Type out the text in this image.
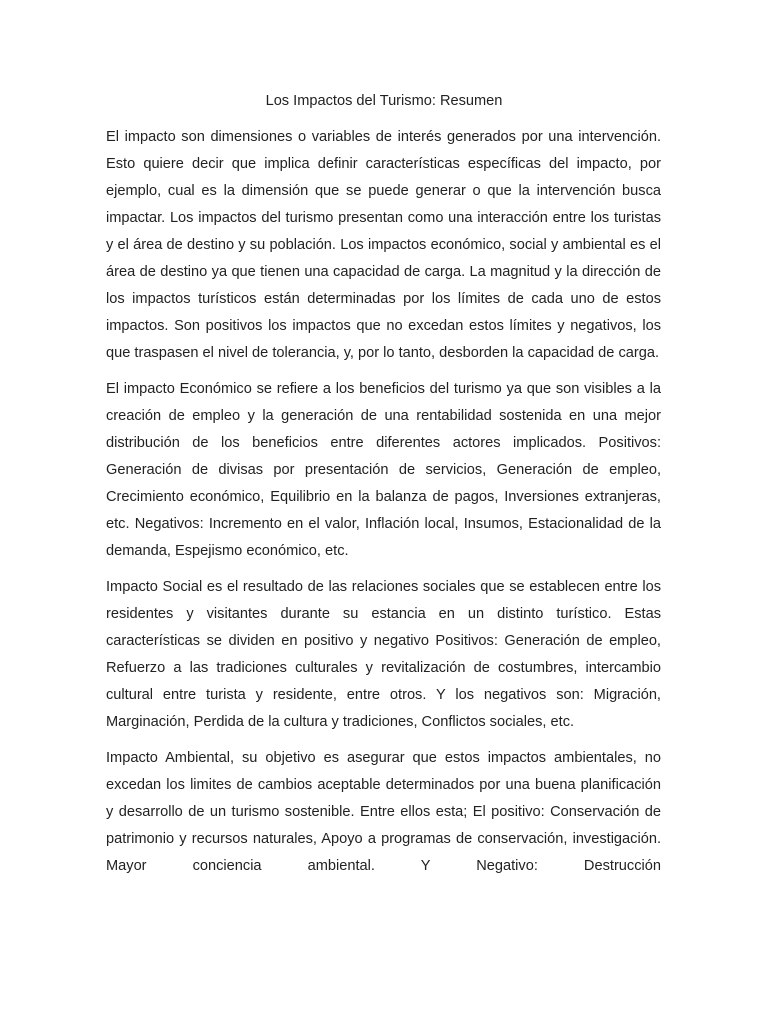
Los Impactos del Turismo: Resumen

El impacto son dimensiones o variables de interés generados por una intervención. Esto quiere decir que implica definir características específicas del impacto, por ejemplo, cual es la dimensión que se puede generar o que la intervención busca impactar. Los impactos del turismo presentan como una interacción entre los turistas y el área de destino y su población. Los impactos económico, social y ambiental es el área de destino ya que tienen una capacidad de carga. La magnitud y la dirección de los impactos turísticos están determinadas por los límites de cada uno de estos impactos. Son positivos los impactos que no excedan estos límites y negativos, los que traspasen el nivel de tolerancia, y, por lo tanto, desborden la capacidad de carga.

El impacto Económico se refiere a los beneficios del turismo ya que son visibles a la creación de empleo y la generación de una rentabilidad sostenida en una mejor distribución de los beneficios entre diferentes actores implicados. Positivos: Generación de divisas por presentación de servicios, Generación de empleo, Crecimiento económico, Equilibrio en la balanza de pagos, Inversiones extranjeras, etc. Negativos: Incremento en el valor, Inflación local, Insumos, Estacionalidad de la demanda, Espejismo económico, etc.

Impacto Social es el resultado de las relaciones sociales que se establecen entre los residentes y visitantes durante su estancia en un distinto turístico. Estas características se dividen en positivo y negativo Positivos: Generación de empleo, Refuerzo a las tradiciones culturales y revitalización de costumbres, intercambio cultural entre turista y residente, entre otros. Y los negativos son: Migración, Marginación, Perdida de la cultura y tradiciones, Conflictos sociales, etc.

Impacto Ambiental, su objetivo es asegurar que estos impactos ambientales, no excedan los limites de cambios aceptable determinados por una buena planificación y desarrollo de un turismo sostenible. Entre ellos esta; El positivo: Conservación de patrimonio y recursos naturales, Apoyo a programas de conservación, investigación. Mayor conciencia ambiental. Y Negativo: Destrucción
